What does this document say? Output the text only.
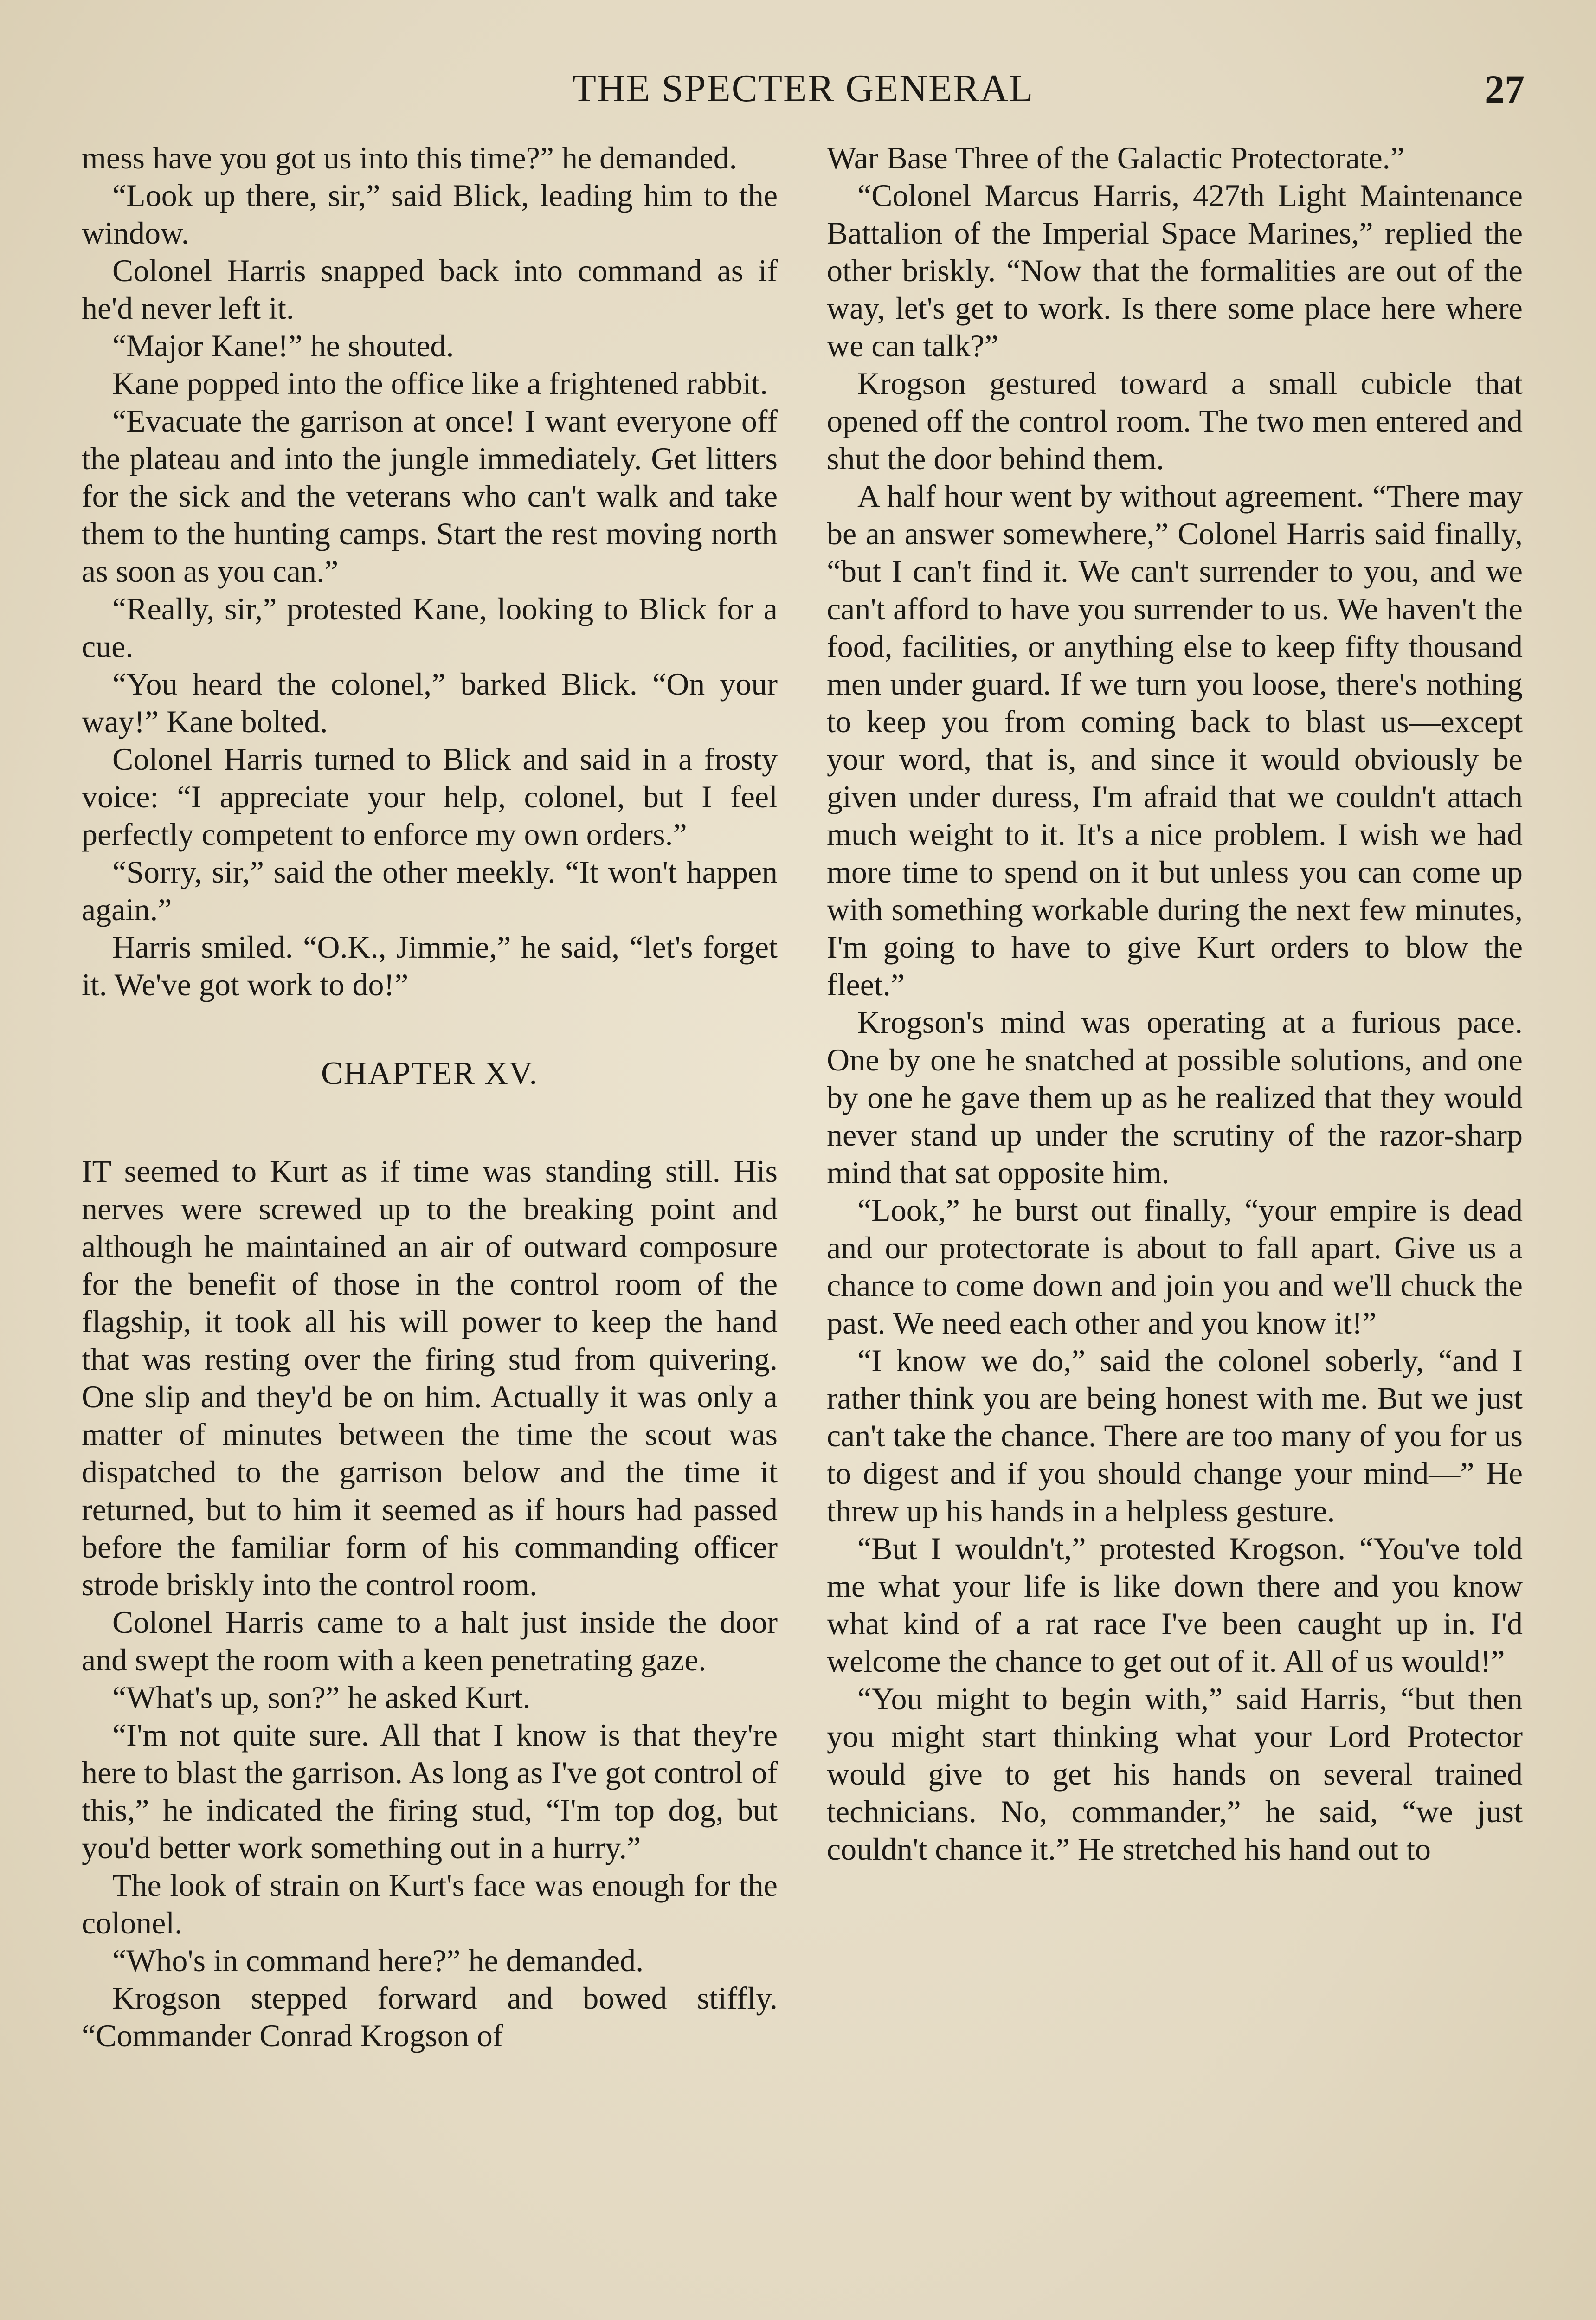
THE SPECTER GENERAL	27

mess have you got us into this time?” he demanded.

“Look up there, sir,” said Blick, leading him to the window.

Colonel Harris snapped back into command as if he'd never left it.

“Major Kane!” he shouted.

Kane popped into the office like a frightened rabbit.

“Evacuate the garrison at once! I want everyone off the plateau and into the jungle immediately. Get litters for the sick and the veterans who can't walk and take them to the hunting camps. Start the rest moving north as soon as you can.”

“Really, sir,” protested Kane, looking to Blick for a cue.

“You heard the colonel,” barked Blick. “On your way!” Kane bolted.

Colonel Harris turned to Blick and said in a frosty voice: “I appreciate your help, colonel, but I feel perfectly competent to enforce my own orders.”

“Sorry, sir,” said the other meekly. “It won't happen again.”

Harris smiled. “O.K., Jimmie,” he said, “let's forget it. We've got work to do!”

CHAPTER XV.

IT seemed to Kurt as if time was standing still. His nerves were screwed up to the breaking point and although he maintained an air of outward composure for the benefit of those in the control room of the flagship, it took all his will power to keep the hand that was resting over the firing stud from quivering. One slip and they'd be on him. Actually it was only a matter of minutes between the time the scout was dispatched to the garrison below and the time it returned, but to him it seemed as if hours had passed before the familiar form of his commanding officer strode briskly into the control room.

Colonel Harris came to a halt just inside the door and swept the room with a keen penetrating gaze.

“What's up, son?” he asked Kurt.

“I'm not quite sure. All that I know is that they're here to blast the garrison. As long as I've got control of this,” he indicated the firing stud, “I'm top dog, but you'd better work something out in a hurry.”

The look of strain on Kurt's face was enough for the colonel.

“Who's in command here?” he demanded.

Krogson stepped forward and bowed stiffly. “Commander Conrad Krogson of

War Base Three of the Galactic Protectorate.”

“Colonel Marcus Harris, 427th Light Maintenance Battalion of the Imperial Space Marines,” replied the other briskly. “Now that the formalities are out of the way, let's get to work. Is there some place here where we can talk?”

Krogson gestured toward a small cubicle that opened off the control room. The two men entered and shut the door behind them.

A half hour went by without agreement. “There may be an answer somewhere,” Colonel Harris said finally, “but I can't find it. We can't surrender to you, and we can't afford to have you surrender to us. We haven't the food, facilities, or anything else to keep fifty thousand men under guard. If we turn you loose, there's nothing to keep you from coming back to blast us—except your word, that is, and since it would obviously be given under duress, I'm afraid that we couldn't attach much weight to it. It's a nice problem. I wish we had more time to spend on it but unless you can come up with something workable during the next few minutes, I'm going to have to give Kurt orders to blow the fleet.”

Krogson's mind was operating at a furious pace. One by one he snatched at possible solutions, and one by one he gave them up as he realized that they would never stand up under the scrutiny of the razor-sharp mind that sat opposite him.

“Look,” he burst out finally, “your empire is dead and our protectorate is about to fall apart. Give us a chance to come down and join you and we'll chuck the past. We need each other and you know it!”

“I know we do,” said the colonel soberly, “and I rather think you are being honest with me. But we just can't take the chance. There are too many of you for us to digest and if you should change your mind—” He threw up his hands in a helpless gesture.

“But I wouldn't,” protested Krogson. “You've told me what your life is like down there and you know what kind of a rat race I've been caught up in. I'd welcome the chance to get out of it. All of us would!”

“You might to begin with,” said Harris, “but then you might start thinking what your Lord Protector would give to get his hands on several trained technicians. No, commander,” he said, “we just couldn't chance it.” He stretched his hand out to
